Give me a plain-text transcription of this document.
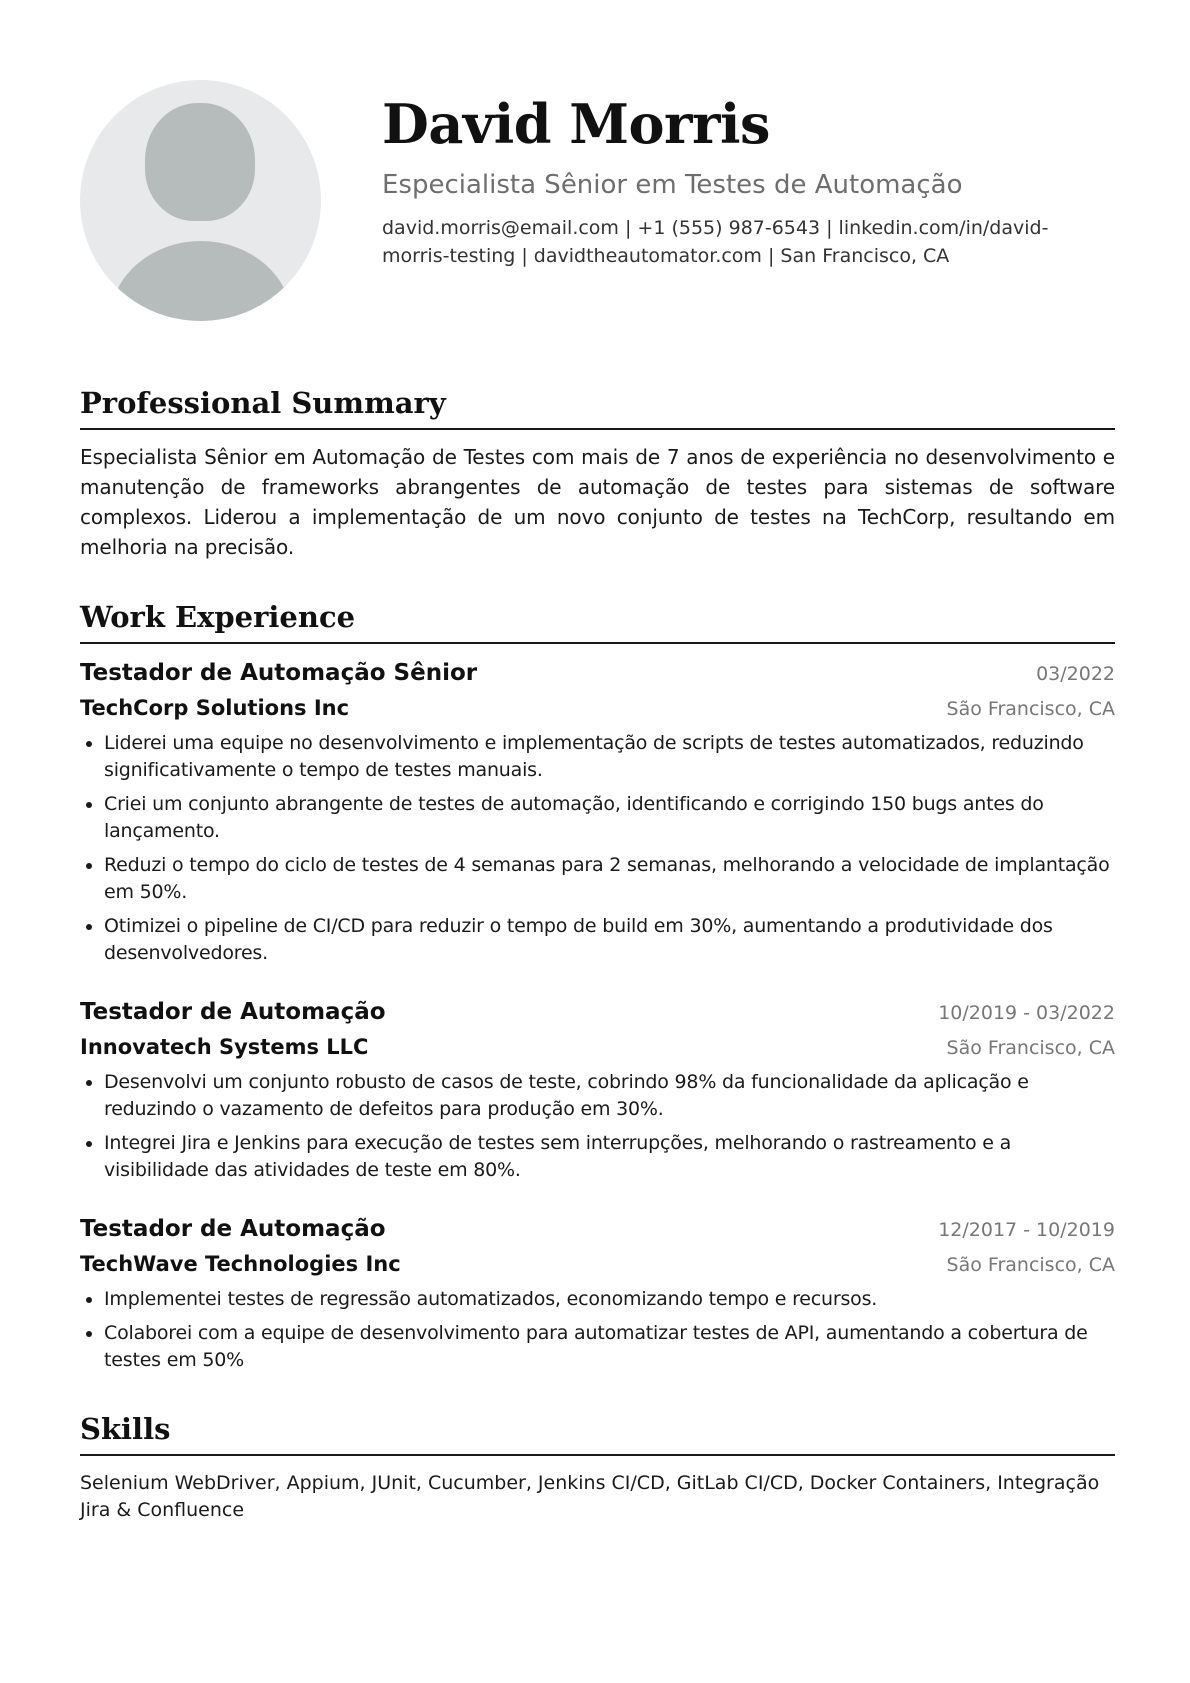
David Morris
Especialista Sênior em Testes de Automação
david.morris@email.com | +1 (555) 987-6543 | linkedin.com/in/david-morris-testing | davidtheautomator.com | San Francisco, CA
Professional Summary
Especialista Sênior em Automação de Testes com mais de 7 anos de experiência no desenvolvimento e manutenção de frameworks abrangentes de automação de testes para sistemas de software complexos. Liderou a implementação de um novo conjunto de testes na TechCorp, resultando em melhoria na precisão.
Work Experience
Testador de Automação Sênior	03/2022
TechCorp Solutions Inc	São Francisco, CA
• Liderei uma equipe no desenvolvimento e implementação de scripts de testes automatizados, reduzindo significativamente o tempo de testes manuais.
• Criei um conjunto abrangente de testes de automação, identificando e corrigindo 150 bugs antes do lançamento.
• Reduzi o tempo do ciclo de testes de 4 semanas para 2 semanas, melhorando a velocidade de implantação em 50%.
• Otimizei o pipeline de CI/CD para reduzir o tempo de build em 30%, aumentando a produtividade dos desenvolvedores.
Testador de Automação	10/2019 - 03/2022
Innovatech Systems LLC	São Francisco, CA
• Desenvolvi um conjunto robusto de casos de teste, cobrindo 98% da funcionalidade da aplicação e reduzindo o vazamento de defeitos para produção em 30%.
• Integrei Jira e Jenkins para execução de testes sem interrupções, melhorando o rastreamento e a visibilidade das atividades de teste em 80%.
Testador de Automação	12/2017 - 10/2019
TechWave Technologies Inc	São Francisco, CA
• Implementei testes de regressão automatizados, economizando tempo e recursos.
• Colaborei com a equipe de desenvolvimento para automatizar testes de API, aumentando a cobertura de testes em 50%
Skills
Selenium WebDriver, Appium, JUnit, Cucumber, Jenkins CI/CD, GitLab CI/CD, Docker Containers, Integração Jira & Confluence
